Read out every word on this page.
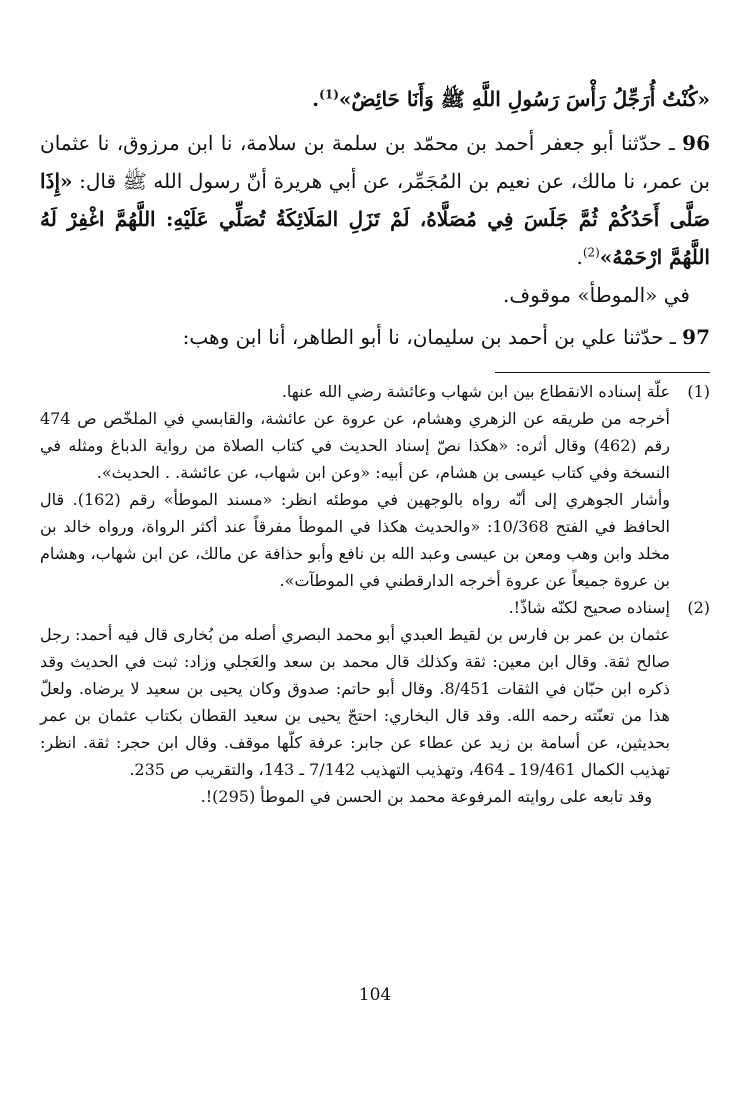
«كُنْتُ أُرَجِّلُ رَأْسَ رَسُولِ اللَّهِ ﷺ وَأَنَا حَائِضٌ»$^{(1)}$.

96 ـ حدّثنا أبو جعفر أحمد بن محمّد بن سلمة بن سلامة، نا ابن مرزوق، نا عثمان بن عمر، نا مالك، عن نعيم بن المُجَمِّر، عن أبي هريرة أنّ رسول الله ﷺ قال: «إِذَا صَلَّى أَحَدُكُمْ ثُمَّ جَلَسَ فِي مُصَلَّاهُ، لَمْ تَزَلِ المَلَائِكَةُ تُصَلِّي عَلَيْهِ: اللَّهُمَّ اغْفِرْ لَهُ اللَّهُمَّ ارْحَمْهُ»$^{(2)}$.

في «الموطأ» موقوف.

97 ـ حدّثنا علي بن أحمد بن سليمان، نا أبو الطاهر، أنا ابن وهب:

(1)

علّة إسناده الانقطاع بين ابن شهاب وعائشة رضي الله عنها.

أخرجه من طريقه عن الزهري وهشام، عن عروة عن عائشة، والقابسي في الملخّص ص 474 رقم (462) وقال أثره: «هكذا نصّ إسناد الحديث في كتاب الصلاة من رواية الدباغ ومثله في النسخة وفي كتاب عيسى بن هشام، عن أبيه: «وعن ابن شهاب، عن عائشة. . الحديث».

وأشار الجوهري إلى أنّه رواه بالوجهين في موطئه انظر: «مسند الموطأ» رقم (162). قال الحافظ في الفتح 10/368: «والحديث هكذا في الموطأ مفرقاً عند أكثر الرواة، ورواه خالد بن مخلد وابن وهب ومعن بن عيسى وعبد الله بن نافع وأبو حذافة عن مالك، عن ابن شهاب، وهشام بن عروة جميعاً عن عروة أخرجه الدارقطني في الموطآت».

(2)

إسناده صحيح لكنّه شاذّ!.

عثمان بن عمر بن فارس بن لقيط العبدي أبو محمد البصري أصله من بُخارى قال فيه أحمد: رجل صالح ثقة. وقال ابن معين: ثقة وكذلك قال محمد بن سعد والعَجلي وزاد: ثبت في الحديث وقد ذكره ابن حبّان في الثقات 8/451. وقال أبو حاتم: صدوق وكان يحيى بن سعيد لا يرضاه. ولعلّ هذا من تعنّته رحمه الله. وقد قال البخاري: احتجّ يحيى بن سعيد القطان بكتاب عثمان بن عمر بحديثين، عن أسامة بن زيد عن عطاء عن جابر: عرفة كلّها موقف. وقال ابن حجر: ثقة. انظر: تهذيب الكمال 19/461 ـ 464، وتهذيب التهذيب 7/142 ـ 143، والتقريب ص 235.

وقد تابعه على روايته المرفوعة محمد بن الحسن في الموطأ (295)!.

104
